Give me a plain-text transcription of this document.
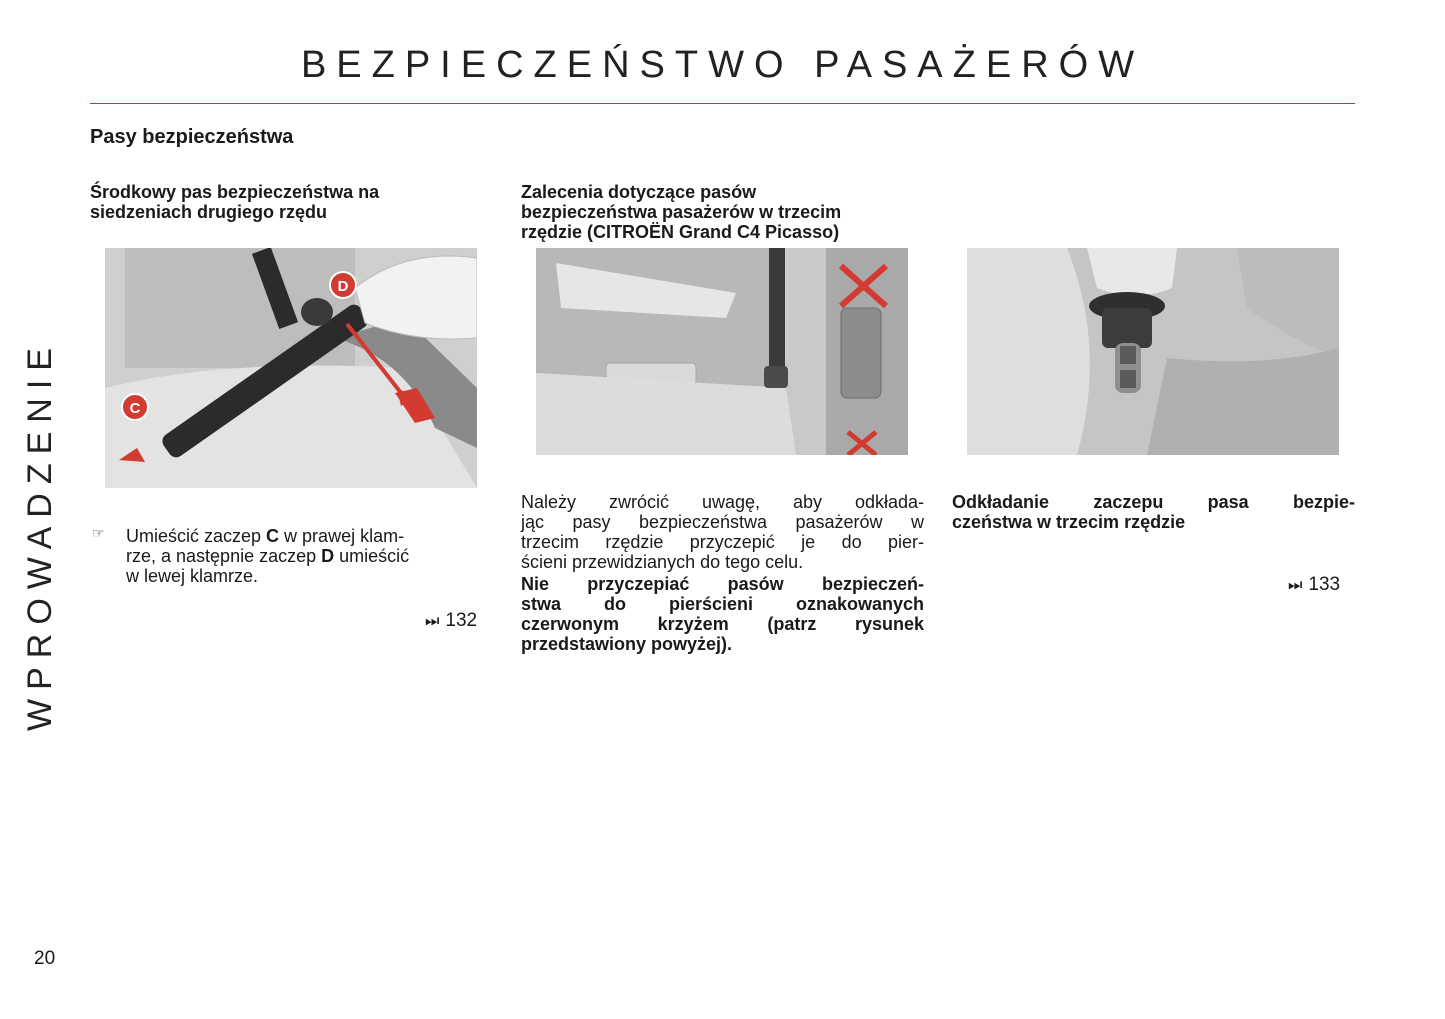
BEZPIECZEŃSTWO PASAŻERÓW
WPROWADZENIE
Pasy bezpieczeństwa
Środkowy pas bezpieczeństwa na
siedzeniach drugiego rzędu
D
C
☞ Umieścić zaczep C w prawej klam-
rze, a następnie zaczep D umieścić
w lewej klamrze.
⏭ 132
Zalecenia dotyczące pasów
bezpieczeństwa pasażerów w trzecim
rzędzie (CITROËN Grand C4 Picasso)
Należy zwrócić uwagę, aby odkłada-
jąc pasy bezpieczeństwa pasażerów w
trzecim rzędzie przyczepić je do pier-
ścieni przewidzianych do tego celu.
Nie przyczepiać pasów bezpieczeń-
stwa do pierścieni oznakowanych
czerwonym krzyżem (patrz rysunek
przedstawiony powyżej).
Odkładanie zaczepu pasa bezpie-
czeństwa w trzecim rzędzie
⏭ 133
20
